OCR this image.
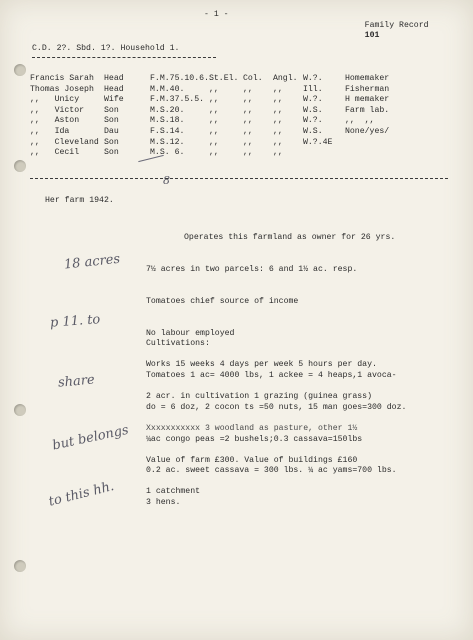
- 1 -

Family Record
101

C.D. 2?. Sbd. 1?. Household 1.
Francis Sarah	Head	F.M.75.10.6.	St.El.	Col.	Angl.	W.?.	Homemaker
Thomas Joseph	Head	M.M.40.	,,	,,	,,	Ill.	Fisherman
,,   Unicy	Wife	F.M.37.5.5.	,,	,,	,,	W.?.	H memaker
,,   Victor	Son	M.S.20.	,,	,,	,,	W.S.	Farm lab.
,,   Aston	Son	M.S.18.	,,	,,	,,	W.?.	,,  ,,
,,   Ida	Dau	F.S.14.	,,	,,	,,	W.S.	None/yes/
,,   Cleveland	Son	M.S.12.	,,	,,	,,	W.?.4E	
,,   Cecil	Son	M.S. 6.	,,	,,	,,		

8

Her farm 1942.

Operates this farmland as owner for 26 yrs.

7½ acres in two parcels: 6 and 1½ ac. resp.

Tomatoes chief source of income

No labour employed

Works 15 weeks 4 days per week 5 hours per day.

2 acr. in cultivation 1 grazing (guinea grass)

Xxxxxxxxxxx 3 woodland as pasture, other 1½

Value of farm £300. Value of buildings £160

1 catchment

Cultivations:

Tomatoes 1 ac= 4000 lbs, 1 ackee = 4 heaps,1 avoca-

do = 6 doz, 2 cocon ts =50 nuts, 15 man goes=300 doz.

¼ac congo peas =2 bushels;0.3 cassava=150lbs

0.2 ac. sweet cassava = 300 lbs. ¼ ac yams=700 lbs.

3 hens.

18 acres

p 11. to

share

but belongs

to this hh.
